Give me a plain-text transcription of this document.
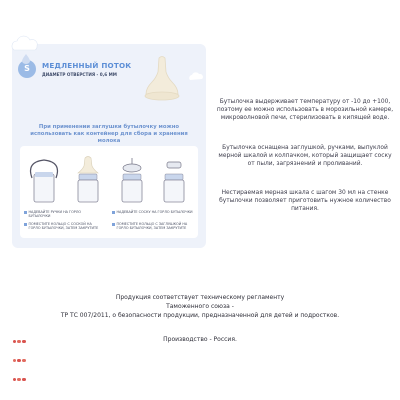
S	МЕДЛЕННЫЙ ПОТОК
ДИАМЕТР ОТВЕРСТИЯ - 0,6 ММ
При применении заглушки бутылочку можно использовать как контейнер для сбора и хранения молока
НАДЕВАЙТЕ РУЧКИ НА ГОРЛО
БУТЫЛОЧКИ
НАДЕВАЙТЕ СОСКУ НА ГОРЛО БУТЫЛОЧКИ
ПОМЕСТИТЕ КОЛЬЦО С СОСКОЙ НА
ГОРЛО БУТЫЛОЧКИ, ЗАТЕМ ЗАКРУТИТЕ
ПОМЕСТИТЕ КОЛЬЦО С ЗАГЛУШКОЙ НА
ГОРЛО БУТЫЛОЧКИ, ЗАТЕМ ЗАКРУТИТЕ
Бутылочка выдерживает температуру от -10 до +100,
поэтому ее можно использовать в морозильной камере,
микроволновой печи, стерилизовать в кипящей воде.
Бутылочка оснащена заглушкой, ручками, выпуклой
мерной шкалой и колпачком, который защищает соску
от пыли, загрязнений и проливаний.
Нестираемая мерная шкала с шагом 30 мл на стенке
бутылочки позволяет приготовить нужное количество
питания.
Продукция соответствует техническому регламенту
Таможенного союза -
ТР ТС 007/2011, о безопасности продукции, предназначенной для детей и подростков.
Производство - Россия.
